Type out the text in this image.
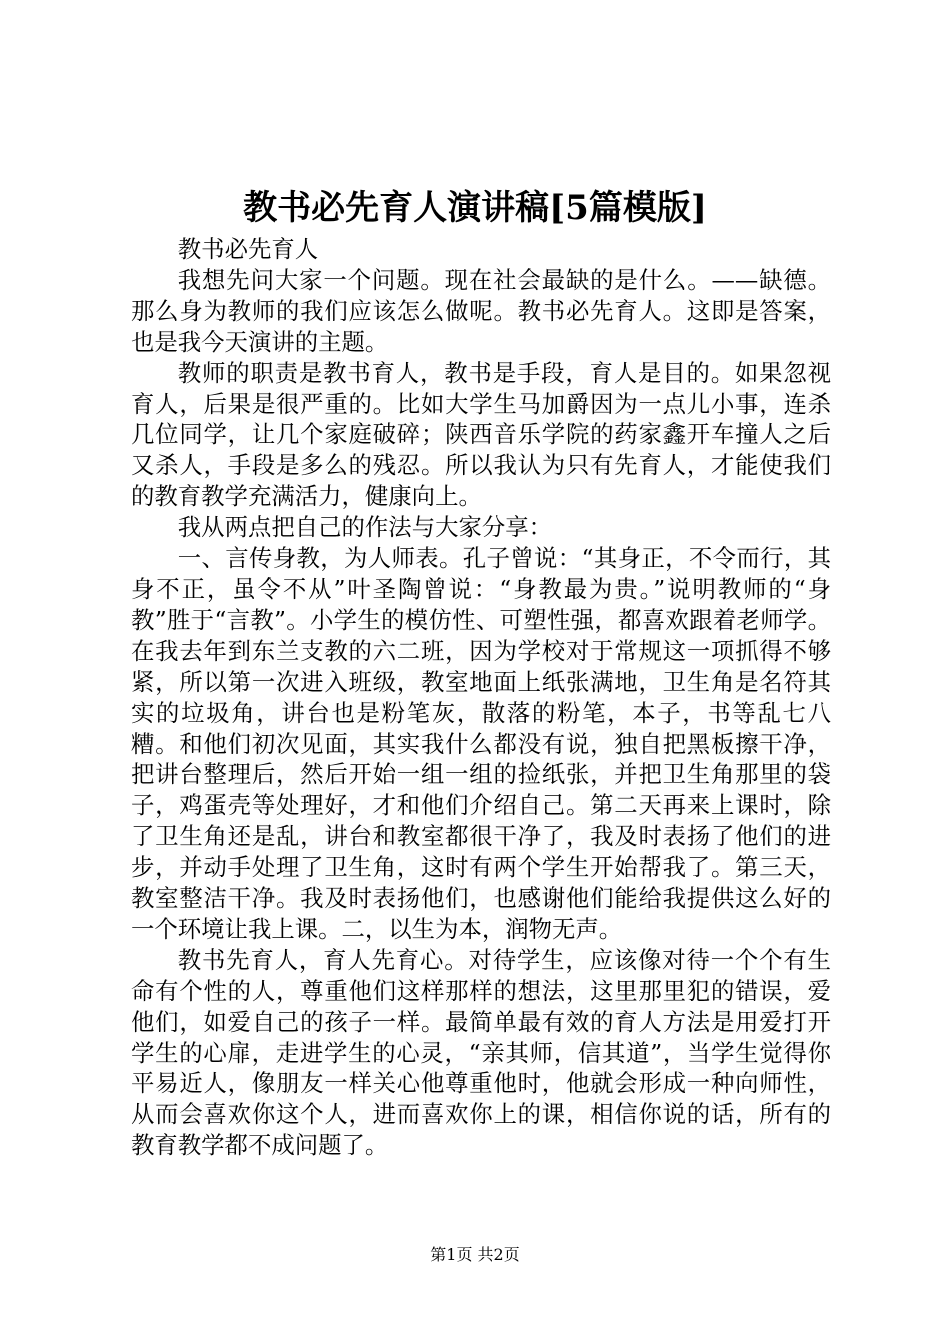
教书必先育人演讲稿[5篇模版]

教书必先育人

我想先问大家一个问题。现在社会最缺的是什么。——缺德。那么身为教师的我们应该怎么做呢。教书必先育人。这即是答案，也是我今天演讲的主题。

教师的职责是教书育人，教书是手段，育人是目的。如果忽视育人，后果是很严重的。比如大学生马加爵因为一点儿小事，连杀几位同学，让几个家庭破碎；陕西音乐学院的药家鑫开车撞人之后又杀人，手段是多么的残忍。所以我认为只有先育人，才能使我们的教育教学充满活力，健康向上。

我从两点把自己的作法与大家分享：

一、言传身教，为人师表。孔子曾说：“其身正，不令而行，其身不正，虽令不从”叶圣陶曾说：“身教最为贵。”说明教师的“身教”胜于“言教”。小学生的模仿性、可塑性强，都喜欢跟着老师学。在我去年到东兰支教的六二班，因为学校对于常规这一项抓得不够紧，所以第一次进入班级，教室地面上纸张满地，卫生角是名符其实的垃圾角，讲台也是粉笔灰，散落的粉笔，本子，书等乱七八糟。和他们初次见面，其实我什么都没有说，独自把黑板擦干净，把讲台整理后，然后开始一组一组的捡纸张，并把卫生角那里的袋子，鸡蛋壳等处理好，才和他们介绍自己。第二天再来上课时，除了卫生角还是乱，讲台和教室都很干净了，我及时表扬了他们的进步，并动手处理了卫生角，这时有两个学生开始帮我了。第三天，教室整洁干净。我及时表扬他们，也感谢他们能给我提供这么好的一个环境让我上课。二，以生为本，润物无声。

教书先育人，育人先育心。对待学生，应该像对待一个个有生命有个性的人，尊重他们这样那样的想法，这里那里犯的错误，爱他们，如爱自己的孩子一样。最简单最有效的育人方法是用爱打开学生的心扉，走进学生的心灵，“亲其师，信其道”，当学生觉得你平易近人，像朋友一样关心他尊重他时，他就会形成一种向师性，从而会喜欢你这个人，进而喜欢你上的课，相信你说的话，所有的教育教学都不成问题了。

第1页 共2页
